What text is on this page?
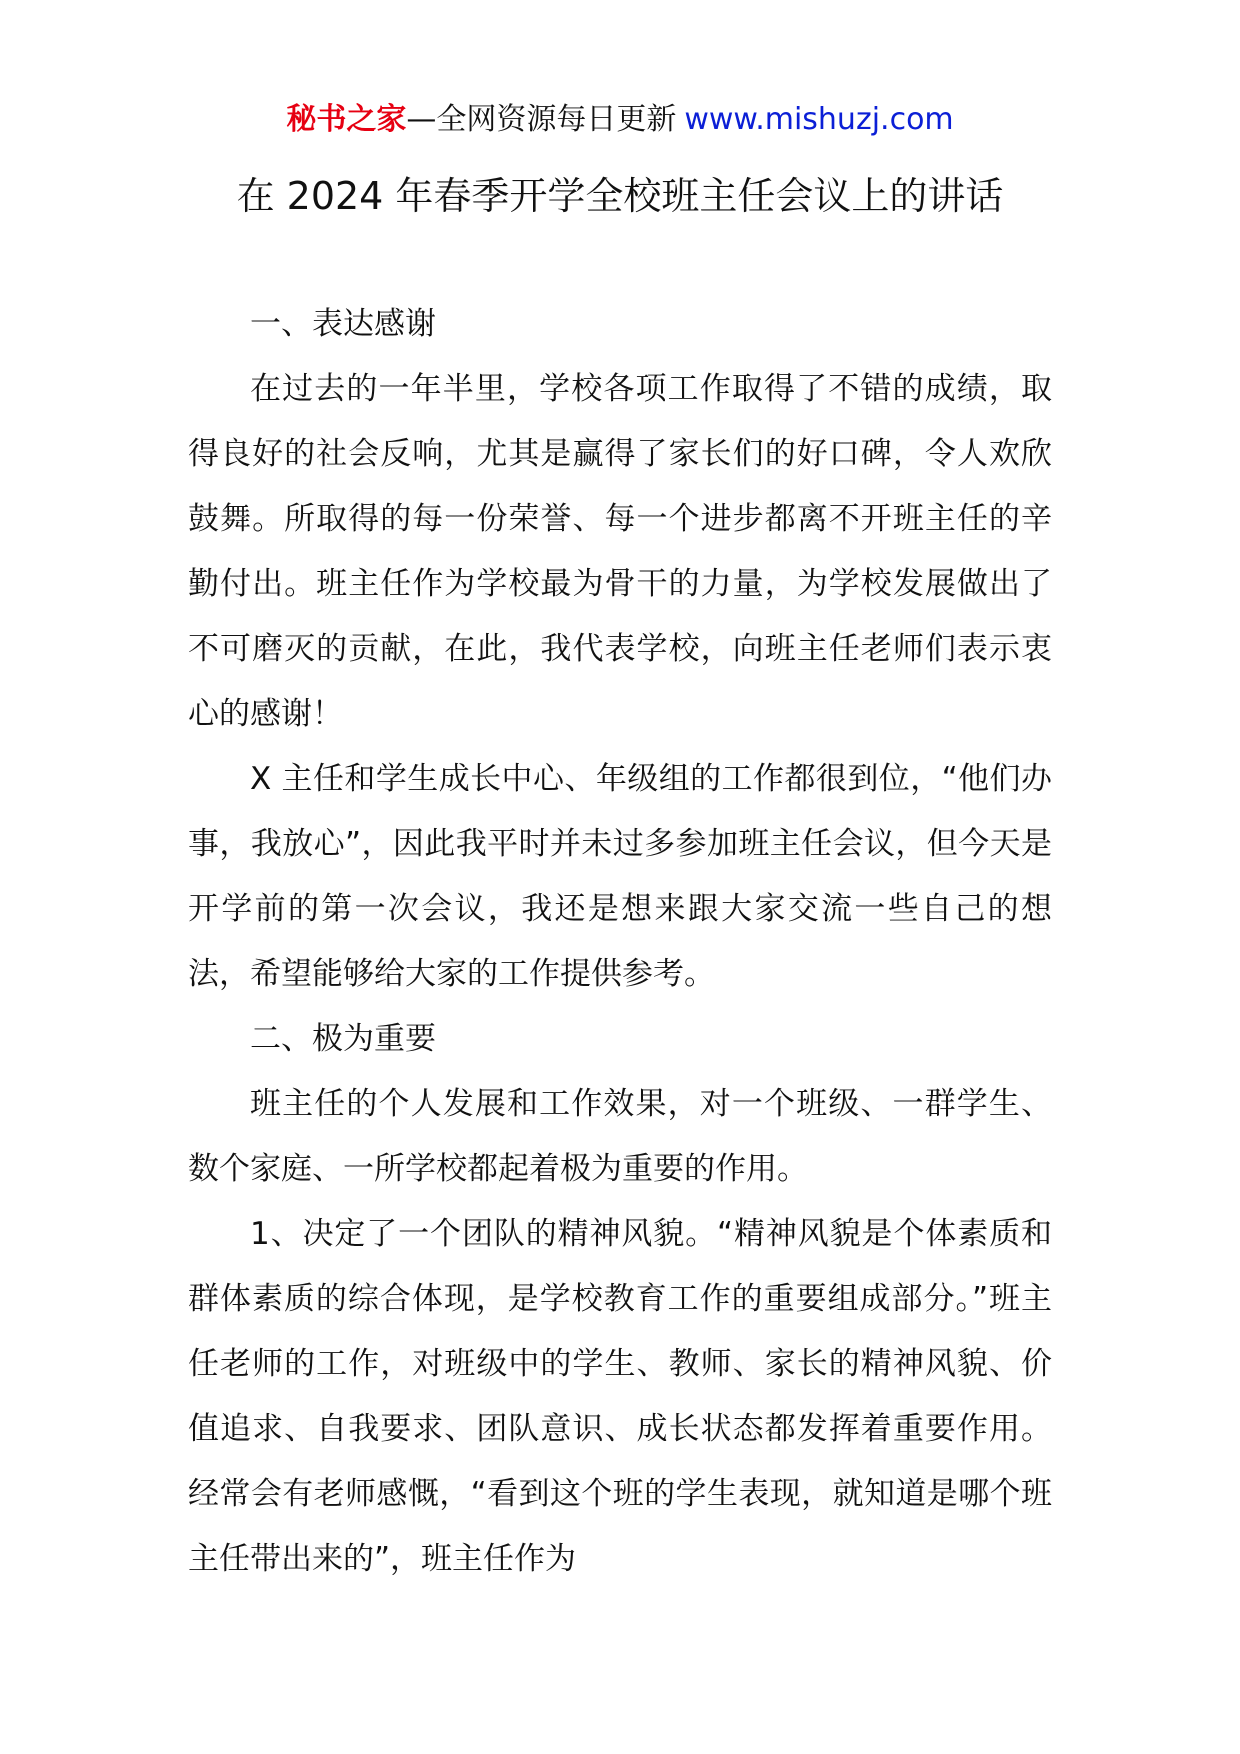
秘书之家—全网资源每日更新 www.mishuzj.com
在 2024 年春季开学全校班主任会议上的讲话

一、表达感谢

在过去的一年半里，学校各项工作取得了不错的成绩，取得良好的社会反响，尤其是赢得了家长们的好口碑，令人欢欣鼓舞。所取得的每一份荣誉、每一个进步都离不开班主任的辛勤付出。班主任作为学校最为骨干的力量，为学校发展做出了不可磨灭的贡献，在此，我代表学校，向班主任老师们表示衷心的感谢！

X 主任和学生成长中心、年级组的工作都很到位，“他们办事，我放心”，因此我平时并未过多参加班主任会议，但今天是开学前的第一次会议，我还是想来跟大家交流一些自己的想法，希望能够给大家的工作提供参考。

二、极为重要

班主任的个人发展和工作效果，对一个班级、一群学生、数个家庭、一所学校都起着极为重要的作用。

1、决定了一个团队的精神风貌。“精神风貌是个体素质和群体素质的综合体现，是学校教育工作的重要组成部分。”班主任老师的工作，对班级中的学生、教师、家长的精神风貌、价值追求、自我要求、团队意识、成长状态都发挥着重要作用。经常会有老师感慨，“看到这个班的学生表现，就知道是哪个班主任带出来的”，班主任作为
